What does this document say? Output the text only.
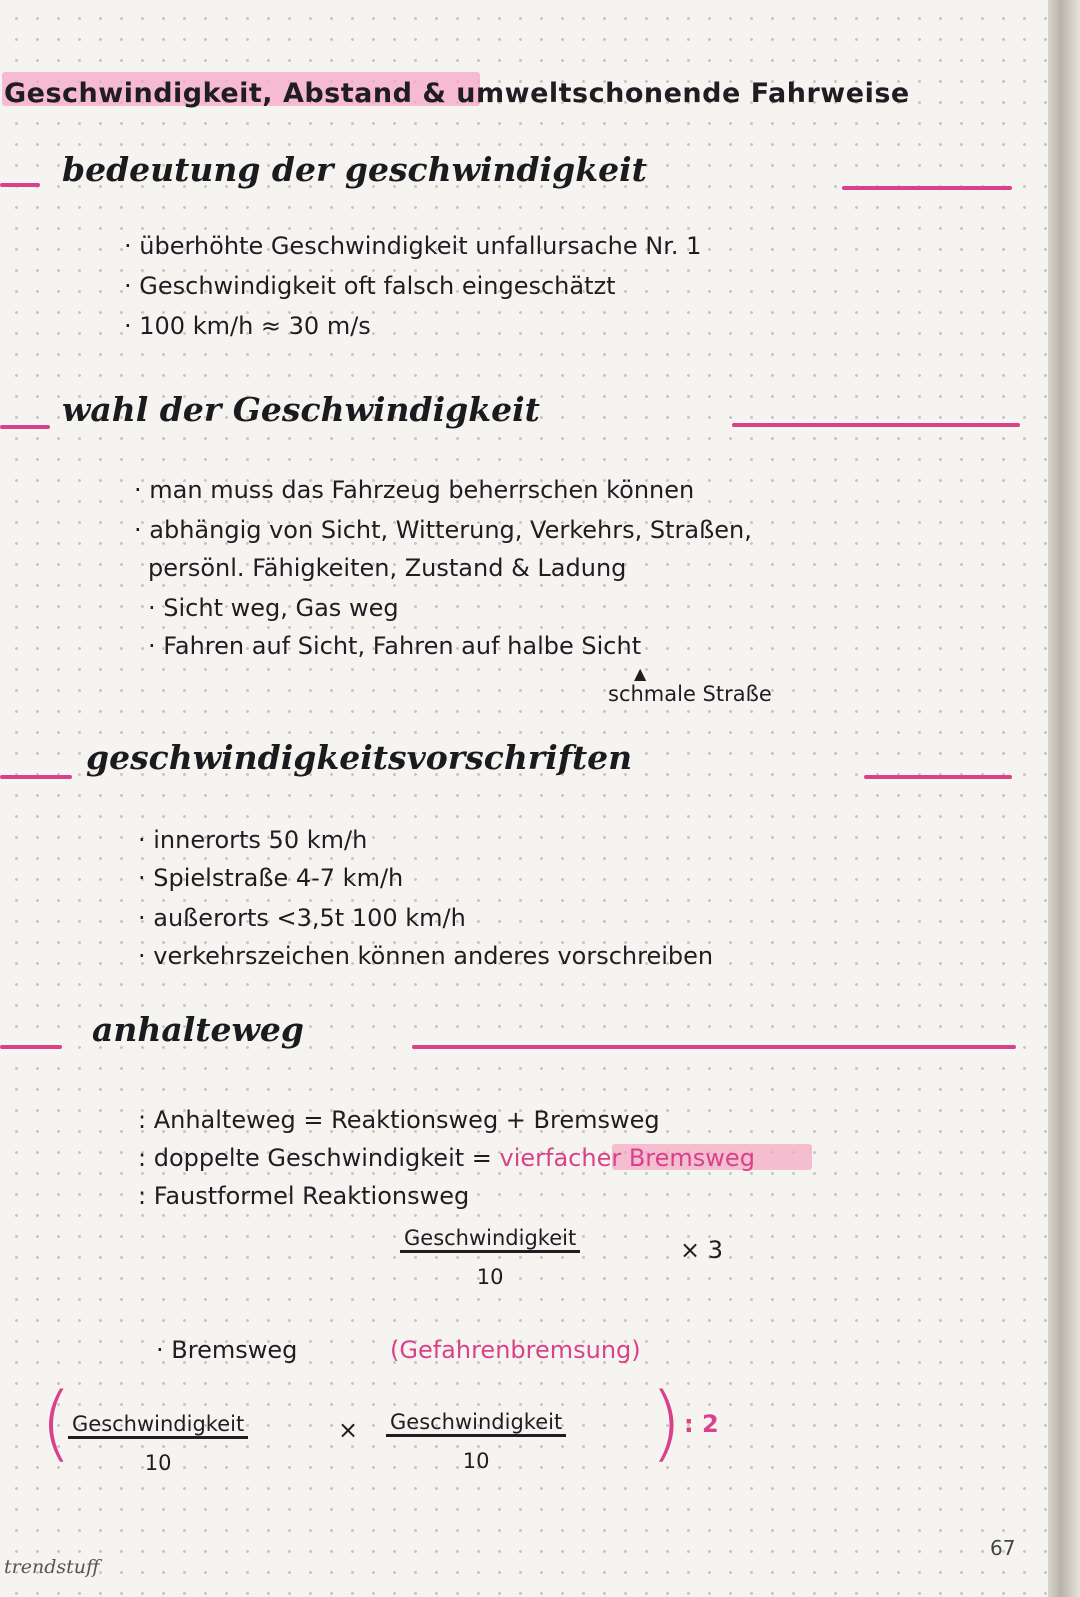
Geschwindigkeit, Abstand & umweltschonende Fahrweise
bedeutung der geschwindigkeit
· überhöhte Geschwindigkeit unfallursache Nr. 1
· Geschwindigkeit oft falsch eingeschätzt
· 100 km/h ≈ 30 m/s
wahl der Geschwindigkeit
· man muss das Fahrzeug beherrschen können
· abhängig von Sicht, Witterung, Verkehrs, Straßen,
persönl. Fähigkeiten, Zustand & Ladung
· Sicht weg, Gas weg
· Fahren auf Sicht, Fahren auf halbe Sicht
schmale Straße
▲
geschwindigkeitsvorschriften
· innerorts 50 km/h
· Spielstraße 4-7 km/h
· außerorts <3,5t 100 km/h
· verkehrszeichen können anderes vorschreiben
anhalteweg
: Anhalteweg = Reaktionsweg + Bremsweg
: doppelte Geschwindigkeit = vierfacher Bremsweg
: Faustformel Reaktionsweg
Geschwindigkeit
10
× 3
· Bremsweg	(Gefahrenbremsung)
( Geschwindigkeit
10
× Geschwindigkeit
10 ) : 2
trendstuff
67
